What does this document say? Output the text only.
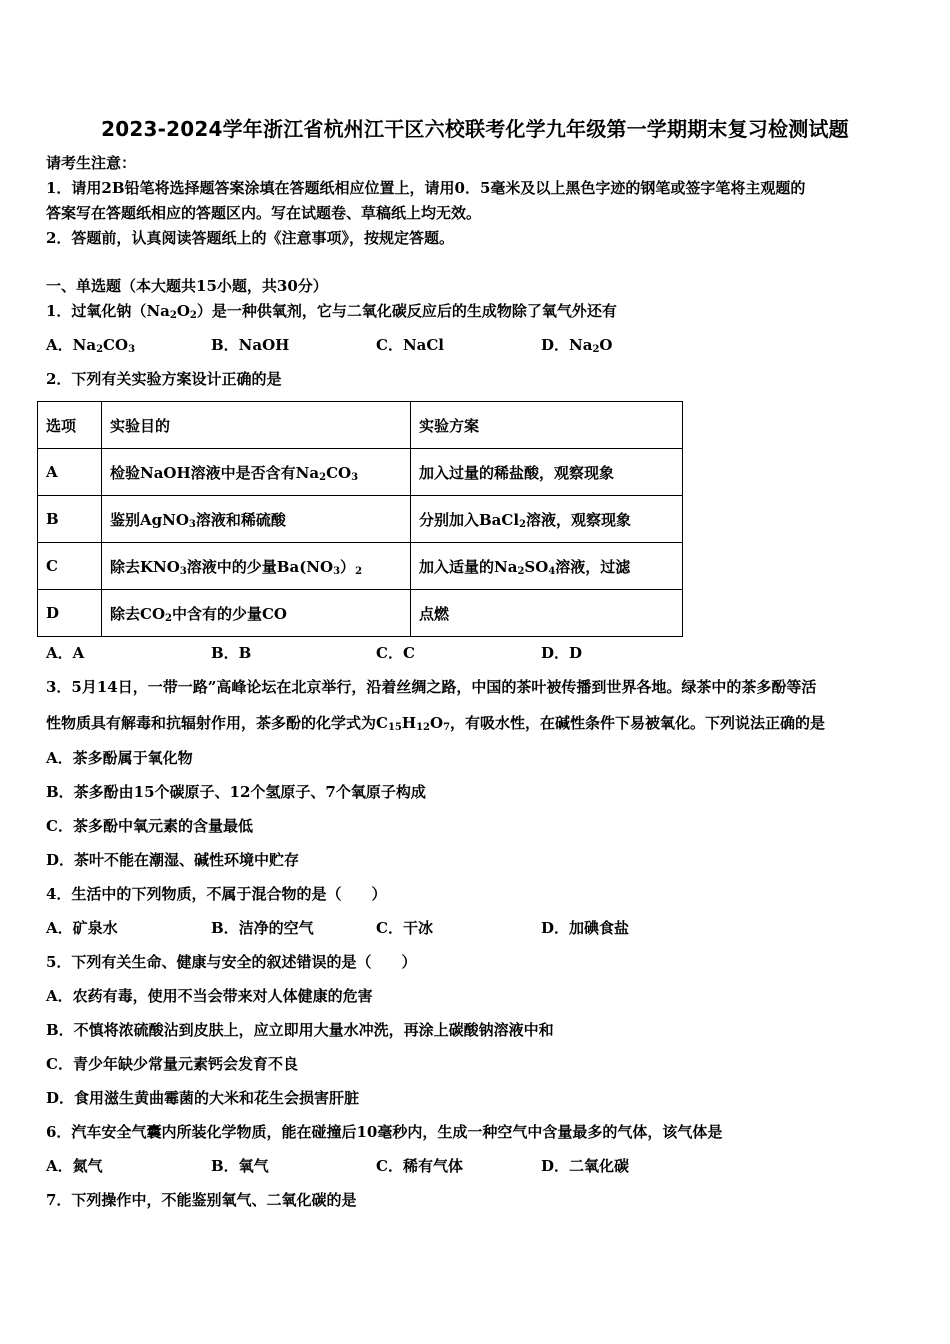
2023-2024学年浙江省杭州江干区六校联考化学九年级第一学期期末复习检测试题
请考生注意：
1．请用2B铅笔将选择题答案涂填在答题纸相应位置上，请用0．5毫米及以上黑色字迹的钢笔或签字笔将主观题的
答案写在答题纸相应的答题区内。写在试题卷、草稿纸上均无效。
2．答题前，认真阅读答题纸上的《注意事项》，按规定答题。
一、单选题（本大题共15小题，共30分）
1．过氧化钠$(Na_2O_2)$是一种供氧剂，它与二氧化碳反应后的生成物除了氧气外还有
A．$Na_2CO_3$	B．NaOH	C．NaCl	D．$Na_2O$
2．下列有关实验方案设计正确的是
选项	实验目的	实验方案
A	检验NaOH溶液中是否含有$Na_2CO_3$	加入过量的稀盐酸，观察现象
B	鉴别AgNO$_3$溶液和稀硫酸	分别加入BaCl$_2$溶液，观察现象
C	除去$KNO_3$溶液中的少量$Ba(NO_3)_2$	加入适量的$Na_2SO_4$溶液，过滤
D	除去$CO_2$中含有的少量CO	点燃
A．A	B．B	C．C	D．D
3．5月14日，一带一路”高峰论坛在北京举行，沿着丝绸之路，中国的茶叶被传播到世界各地。绿茶中的茶多酚等活
性物质具有解毒和抗辐射作用，茶多酚的化学式为$C_{15}H_{12}O_7$，有吸水性，在碱性条件下易被氧化。下列说法正确的是
A．茶多酚属于氧化物
B．茶多酚由15个碳原子、12个氢原子、7个氧原子构成
C．茶多酚中氧元素的含量最低
D．茶叶不能在潮湿、碱性环境中贮存
4．生活中的下列物质，不属于混合物的是（　　）
A．矿泉水	B．洁净的空气	C．干冰	D．加碘食盐
5．下列有关生命、健康与安全的叙述错误的是（　　）
A．农药有毒，使用不当会带来对人体健康的危害
B．不慎将浓硫酸沾到皮肤上，应立即用大量水冲洗，再涂上碳酸钠溶液中和
C．青少年缺少常量元素钙会发育不良
D．食用滋生黄曲霉菌的大米和花生会损害肝脏
6．汽车安全气囊内所装化学物质，能在碰撞后10毫秒内，生成一种空气中含量最多的气体，该气体是
A．氮气	B．氧气	C．稀有气体	D．二氧化碳
7．下列操作中，不能鉴别氧气、二氧化碳的是
